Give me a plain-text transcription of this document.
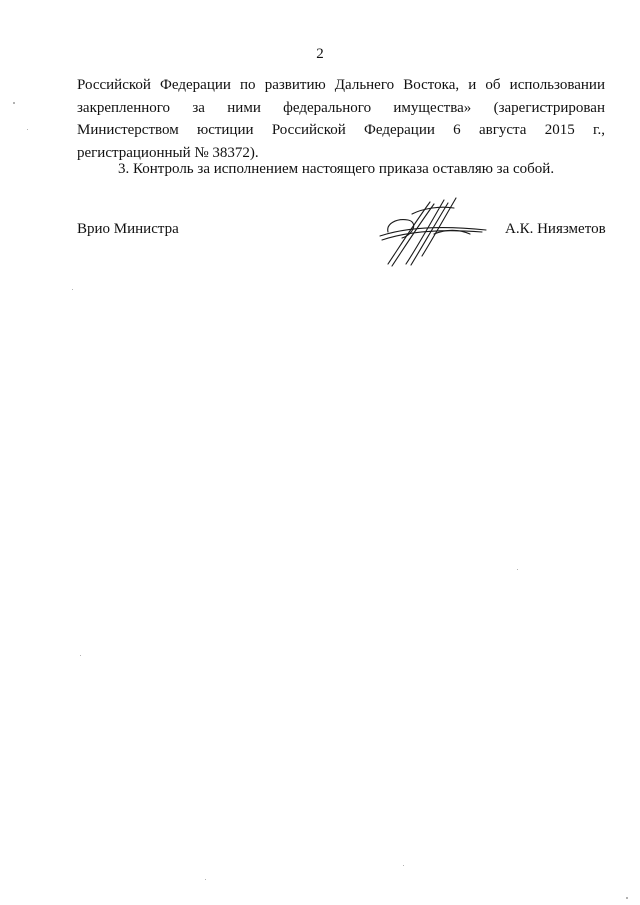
2
Российской Федерации по развитию Дальнего Востока, и об использовании
закрепленного за ними федерального имущества» (зарегистрирован
Министерством юстиции Российской Федерации 6 августа 2015 г.,
регистрационный № 38372).
3. Контроль за исполнением настоящего приказа оставляю за собой.
Врио Министра	А.К. Ниязметов
